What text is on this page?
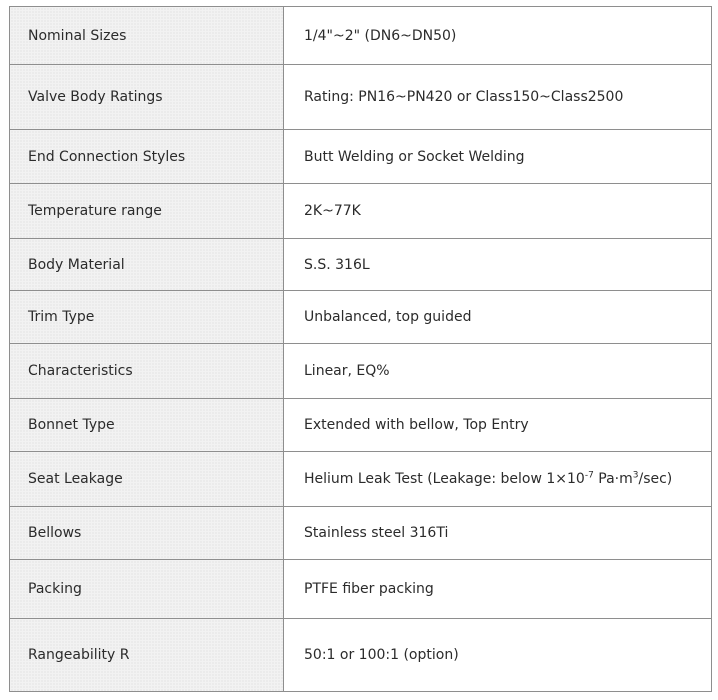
Nominal Sizes	1/4"~2" (DN6~DN50)
Valve Body Ratings	Rating: PN16~PN420 or Class150~Class2500
End Connection Styles	Butt Welding or Socket Welding
Temperature range	2K~77K
Body Material	S.S. 316L
Trim Type	Unbalanced, top guided
Characteristics	Linear, EQ%
Bonnet Type	Extended with bellow, Top Entry
Seat Leakage	Helium Leak Test (Leakage: below $1\times 10^{-7}$ $Pa\cdot m^3/\sec$)
Bellows	Stainless steel 316Ti
Packing	PTFE fiber packing
Rangeability R	50:1 or 100:1 (option)
